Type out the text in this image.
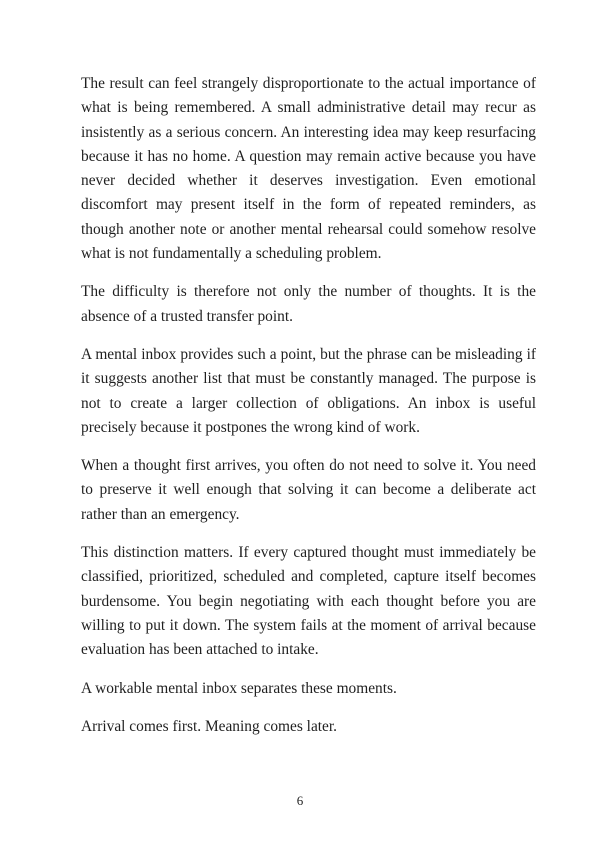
The result can feel strangely disproportionate to the actual importance of what is being remembered. A small administrative detail may recur as insistently as a serious concern. An interesting idea may keep resurfacing because it has no home. A question may remain active because you have never decided whether it deserves investigation. Even emotional discomfort may present itself in the form of repeated reminders, as though another note or another mental rehearsal could somehow resolve what is not fundamentally a scheduling problem.

The difficulty is therefore not only the number of thoughts. It is the absence of a trusted transfer point.

A mental inbox provides such a point, but the phrase can be misleading if it suggests another list that must be constantly managed. The purpose is not to create a larger collection of obligations. An inbox is useful precisely because it postpones the wrong kind of work.

When a thought first arrives, you often do not need to solve it. You need to preserve it well enough that solving it can become a deliberate act rather than an emergency.

This distinction matters. If every captured thought must immediately be classified, prioritized, scheduled and completed, capture itself becomes burdensome. You begin negotiating with each thought before you are willing to put it down. The system fails at the moment of arrival because evaluation has been attached to intake.

A workable mental inbox separates these moments.

Arrival comes first. Meaning comes later.

6
